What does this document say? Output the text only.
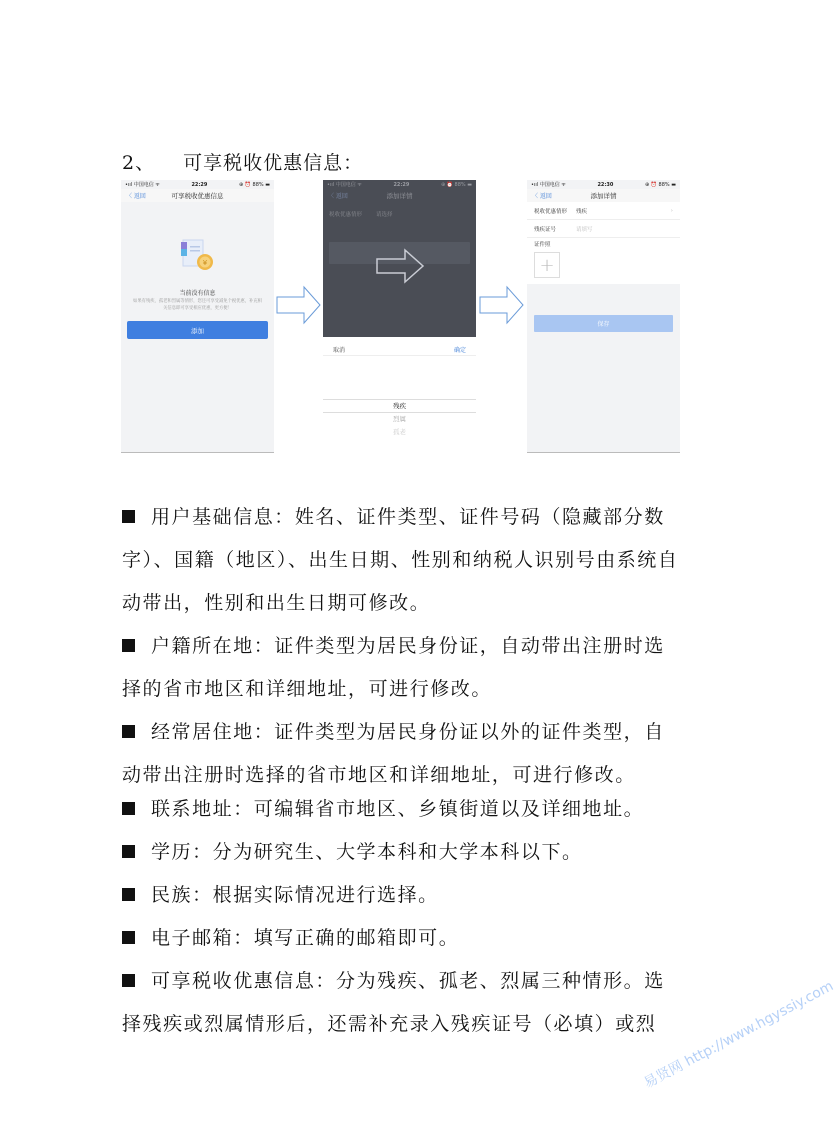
2、 可享税收优惠信息：
•ııl 中国电信 ᯤ	22:29	⊕ ⏰ 88% ▬
〈 返回	可享税收优惠信息
¥
当前没有信息
如果有残疾、孤老和烈属等情形，您还可享受减免个税优惠，补充相关信息即可享受相应优惠，更方便！
添加
•ııl 中国电信 ᯤ	22:29	⊕ ⏰ 88% ▬
〈 返回	添加详情
税收优惠情形	请选择
取消	确定
残疾
烈属
孤老
•ııl 中国电信 ᯤ	22:30	⊕ ⏰ 88% ▬
〈 返回	添加详情
税收优惠情形	残疾	›
残疾证号	请填写
证件照
+
保存

用户基础信息：姓名、证件类型、证件号码（隐藏部分数字）、国籍（地区）、出生日期、性别和纳税人识别号由系统自动带出，性别和出生日期可修改。

户籍所在地：证件类型为居民身份证，自动带出注册时选择的省市地区和详细地址，可进行修改。

经常居住地：证件类型为居民身份证以外的证件类型，自动带出注册时选择的省市地区和详细地址，可进行修改。

联系地址：可编辑省市地区、乡镇街道以及详细地址。

学历：分为研究生、大学本科和大学本科以下。

民族：根据实际情况进行选择。

电子邮箱：填写正确的邮箱即可。

可享税收优惠信息：分为残疾、孤老、烈属三种情形。选择残疾或烈属情形后，还需补充录入残疾证号（必填）或烈

易贤网 http://www.hgyssiy.com
